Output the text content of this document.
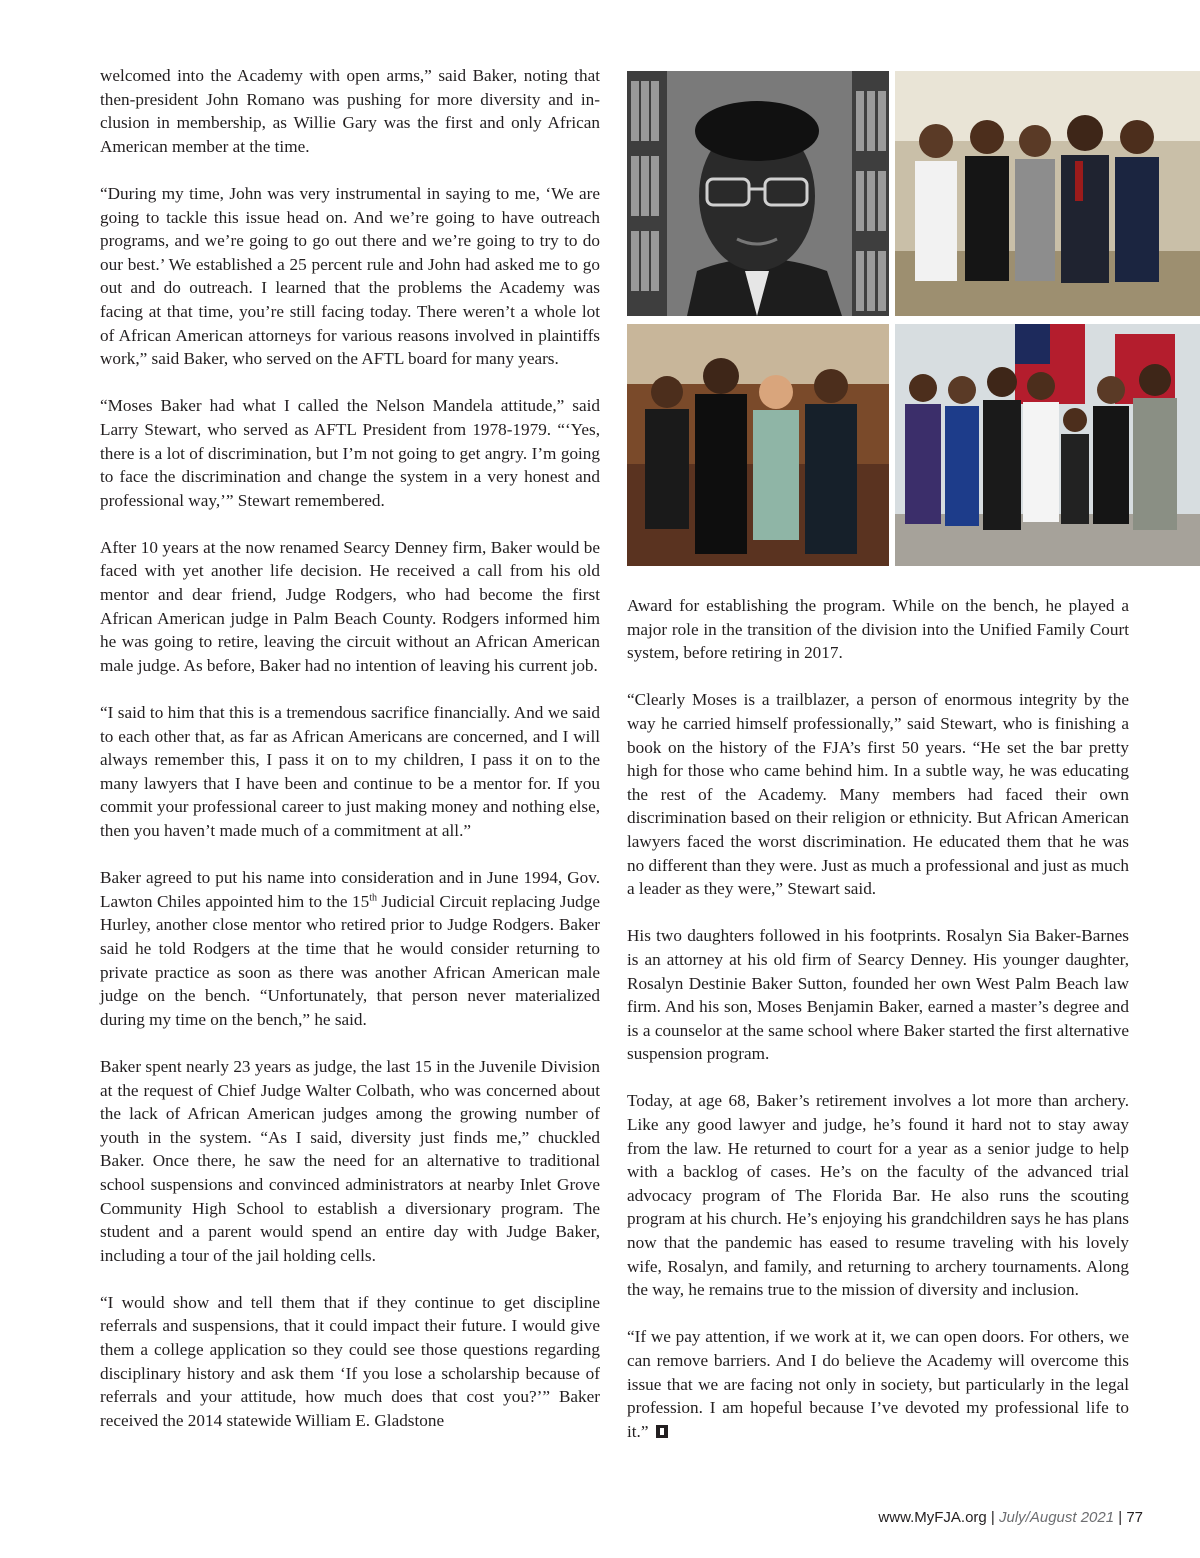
welcomed into the Academy with open arms,” said Baker, noting that then-president John Romano was pushing for more diversity and inclusion in membership, as Willie Gary was the first and only African American member at the time.

“During my time, John was very instrumental in saying to me, ‘We are going to tackle this issue head on. And we’re going to have outreach programs, and we’re going to go out there and we’re going to try to do our best.’ We established a 25 percent rule and John had asked me to go out and do outreach. I learned that the problems the Academy was facing at that time, you’re still facing today. There weren’t a whole lot of African American attorneys for various reasons involved in plaintiffs work,” said Baker, who served on the AFTL board for many years.

“Moses Baker had what I called the Nelson Mandela attitude,” said Larry Stewart, who served as AFTL President from 1978-1979. “‘Yes, there is a lot of discrimination, but I’m not going to get angry. I’m going to face the discrimination and change the system in a very honest and professional way,’” Stewart remembered.

After 10 years at the now renamed Searcy Denney firm, Baker would be faced with yet another life decision. He received a call from his old mentor and dear friend, Judge Rodgers, who had become the first African American judge in Palm Beach County. Rodgers informed him he was going to retire, leaving the circuit without an African American male judge. As before, Baker had no intention of leaving his current job.

“I said to him that this is a tremendous sacrifice financially. And we said to each other that, as far as African Americans are concerned, and I will always remember this, I pass it on to my children, I pass it on to the many lawyers that I have been and continue to be a mentor for. If you commit your professional career to just making money and nothing else, then you haven’t made much of a commitment at all.”

Baker agreed to put his name into consideration and in June 1994, Gov. Lawton Chiles appointed him to the 15th Judicial Circuit replacing Judge Hurley, another close mentor who retired prior to Judge Rodgers. Baker said he told Rodgers at the time that he would consider returning to private practice as soon as there was another African American male judge on the bench. “Unfortunately, that person never materialized during my time on the bench,” he said.

Baker spent nearly 23 years as judge, the last 15 in the Juvenile Division at the request of Chief Judge Walter Colbath, who was concerned about the lack of African American judges among the growing number of youth in the system. “As I said, diversity just finds me,” chuckled Baker. Once there, he saw the need for an alternative to traditional school suspensions and convinced administrators at nearby Inlet Grove Community High School to establish a diversionary program. The student and a parent would spend an entire day with Judge Baker, including a tour of the jail holding cells.

“I would show and tell them that if they continue to get discipline referrals and suspensions, that it could impact their future. I would give them a college application so they could see those questions regarding disciplinary history and ask them ‘If you lose a scholarship because of referrals and your attitude, how much does that cost you?’” Baker received the 2014 statewide William E. Gladstone

Award for establishing the program. While on the bench, he played a major role in the transition of the division into the Unified Family Court system, before retiring in 2017.

“Clearly Moses is a trailblazer, a person of enormous integrity by the way he carried himself professionally,” said Stewart, who is finishing a book on the history of the FJA’s first 50 years. “He set the bar pretty high for those who came behind him. In a subtle way, he was educating the rest of the Academy. Many members had faced their own discrimination based on their religion or ethnicity. But African American lawyers faced the worst discrimination. He educated them that he was no different than they were. Just as much a professional and just as much a leader as they were,” Stewart said.

His two daughters followed in his footprints. Rosalyn Sia Baker-Barnes is an attorney at his old firm of Searcy Denney. His younger daughter, Rosalyn Destinie Baker Sutton, founded her own West Palm Beach law firm. And his son, Moses Benjamin Baker, earned a master’s degree and is a counselor at the same school where Baker started the first alternative suspension program.

Today, at age 68, Baker’s retirement involves a lot more than archery. Like any good lawyer and judge, he’s found it hard not to stay away from the law. He returned to court for a year as a senior judge to help with a backlog of cases. He’s on the faculty of the advanced trial advocacy program of The Florida Bar. He also runs the scouting program at his church. He’s enjoying his grandchildren says he has plans now that the pandemic has eased to resume traveling with his lovely wife, Rosalyn, and family, and returning to archery tournaments. Along the way, he remains true to the mission of diversity and inclusion.

“If we pay attention, if we work at it, we can open doors. For others, we can remove barriers. And I do believe the Academy will overcome this issue that we are facing not only in society, but particularly in the legal profession. I am hopeful because I’ve devoted my professional life to it.”

www.MyFJA.org | July/August 2021 | 77
